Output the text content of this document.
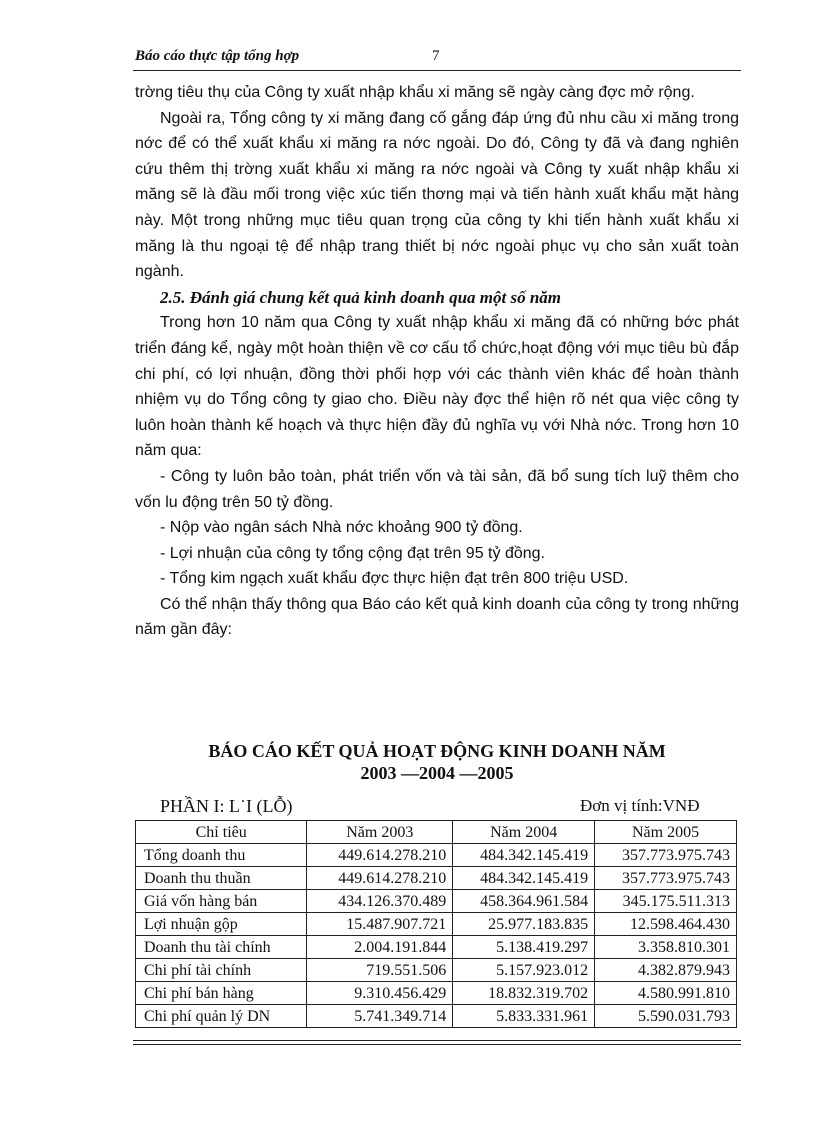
Báo cáo thực tập tổng hợp	7

trờng tiêu thụ của Công ty xuất nhập khẩu xi măng sẽ ngày càng đợc mở rộng.

Ngoài ra, Tổng công ty xi măng đang cố gắng đáp ứng đủ nhu cầu xi măng trong nớc để có thể xuất khẩu xi măng ra nớc ngoài. Do đó, Công ty đã và đang nghiên cứu thêm thị trờng xuất khẩu xi măng ra nớc ngoài và Công ty xuất nhập khẩu xi măng sẽ là đầu mối trong việc xúc tiến thơng mại và tiến hành xuất khẩu mặt hàng này. Một trong những mục tiêu quan trọng của công ty khi tiến hành xuất khẩu xi măng là thu ngoại tệ để nhập trang thiết bị nớc ngoài phục vụ cho sản xuất toàn ngành.

2.5. Đánh giá chung kết quả kinh doanh qua một số năm

Trong hơn 10 năm qua Công ty xuất nhập khẩu xi măng đã có những bớc phát triển đáng kể, ngày một hoàn thiện về cơ cấu tổ chức,hoạt động với mục tiêu bù đắp chi phí, có lợi nhuận, đồng thời phối hợp với các thành viên khác để hoàn thành nhiệm vụ do Tổng công ty giao cho. Điều này đợc thể hiện rõ nét qua việc công ty luôn hoàn thành kế hoạch và thực hiện đầy đủ nghĩa vụ với Nhà nớc. Trong hơn 10 năm qua:

- Công ty luôn bảo toàn, phát triển vốn và tài sản, đã bổ sung tích luỹ thêm cho vốn lu động trên 50 tỷ đồng.

- Nộp vào ngân sách Nhà nớc khoảng 900 tỷ đồng.

- Lợi nhuận của công ty tổng cộng đạt trên 95 tỷ đồng.

- Tổng kim ngạch xuất khẩu đợc thực hiện đạt trên 800 triệu USD.

Có thể nhận thấy thông qua Báo cáo kết quả kinh doanh của công ty trong những năm gần đây:

BÁO CÁO KẾT QUẢ HOẠT ĐỘNG KINH DOANH NĂM
2003 —2004 —2005
PHẦN I: L˙I (LỖ)	Đơn vị tính:VNĐ
Chỉ tiêu	Năm 2003	Năm 2004	Năm 2005
Tổng doanh thu	449.614.278.210	484.342.145.419	357.773.975.743
Doanh thu thuần	449.614.278.210	484.342.145.419	357.773.975.743
Giá vốn hàng bán	434.126.370.489	458.364.961.584	345.175.511.313
Lợi nhuận gộp	15.487.907.721	25.977.183.835	12.598.464.430
Doanh thu tài chính	2.004.191.844	5.138.419.297	3.358.810.301
Chi phí tài chính	719.551.506	5.157.923.012	4.382.879.943
Chi phí bán hàng	9.310.456.429	18.832.319.702	4.580.991.810
Chi phí quản lý DN	5.741.349.714	5.833.331.961	5.590.031.793
